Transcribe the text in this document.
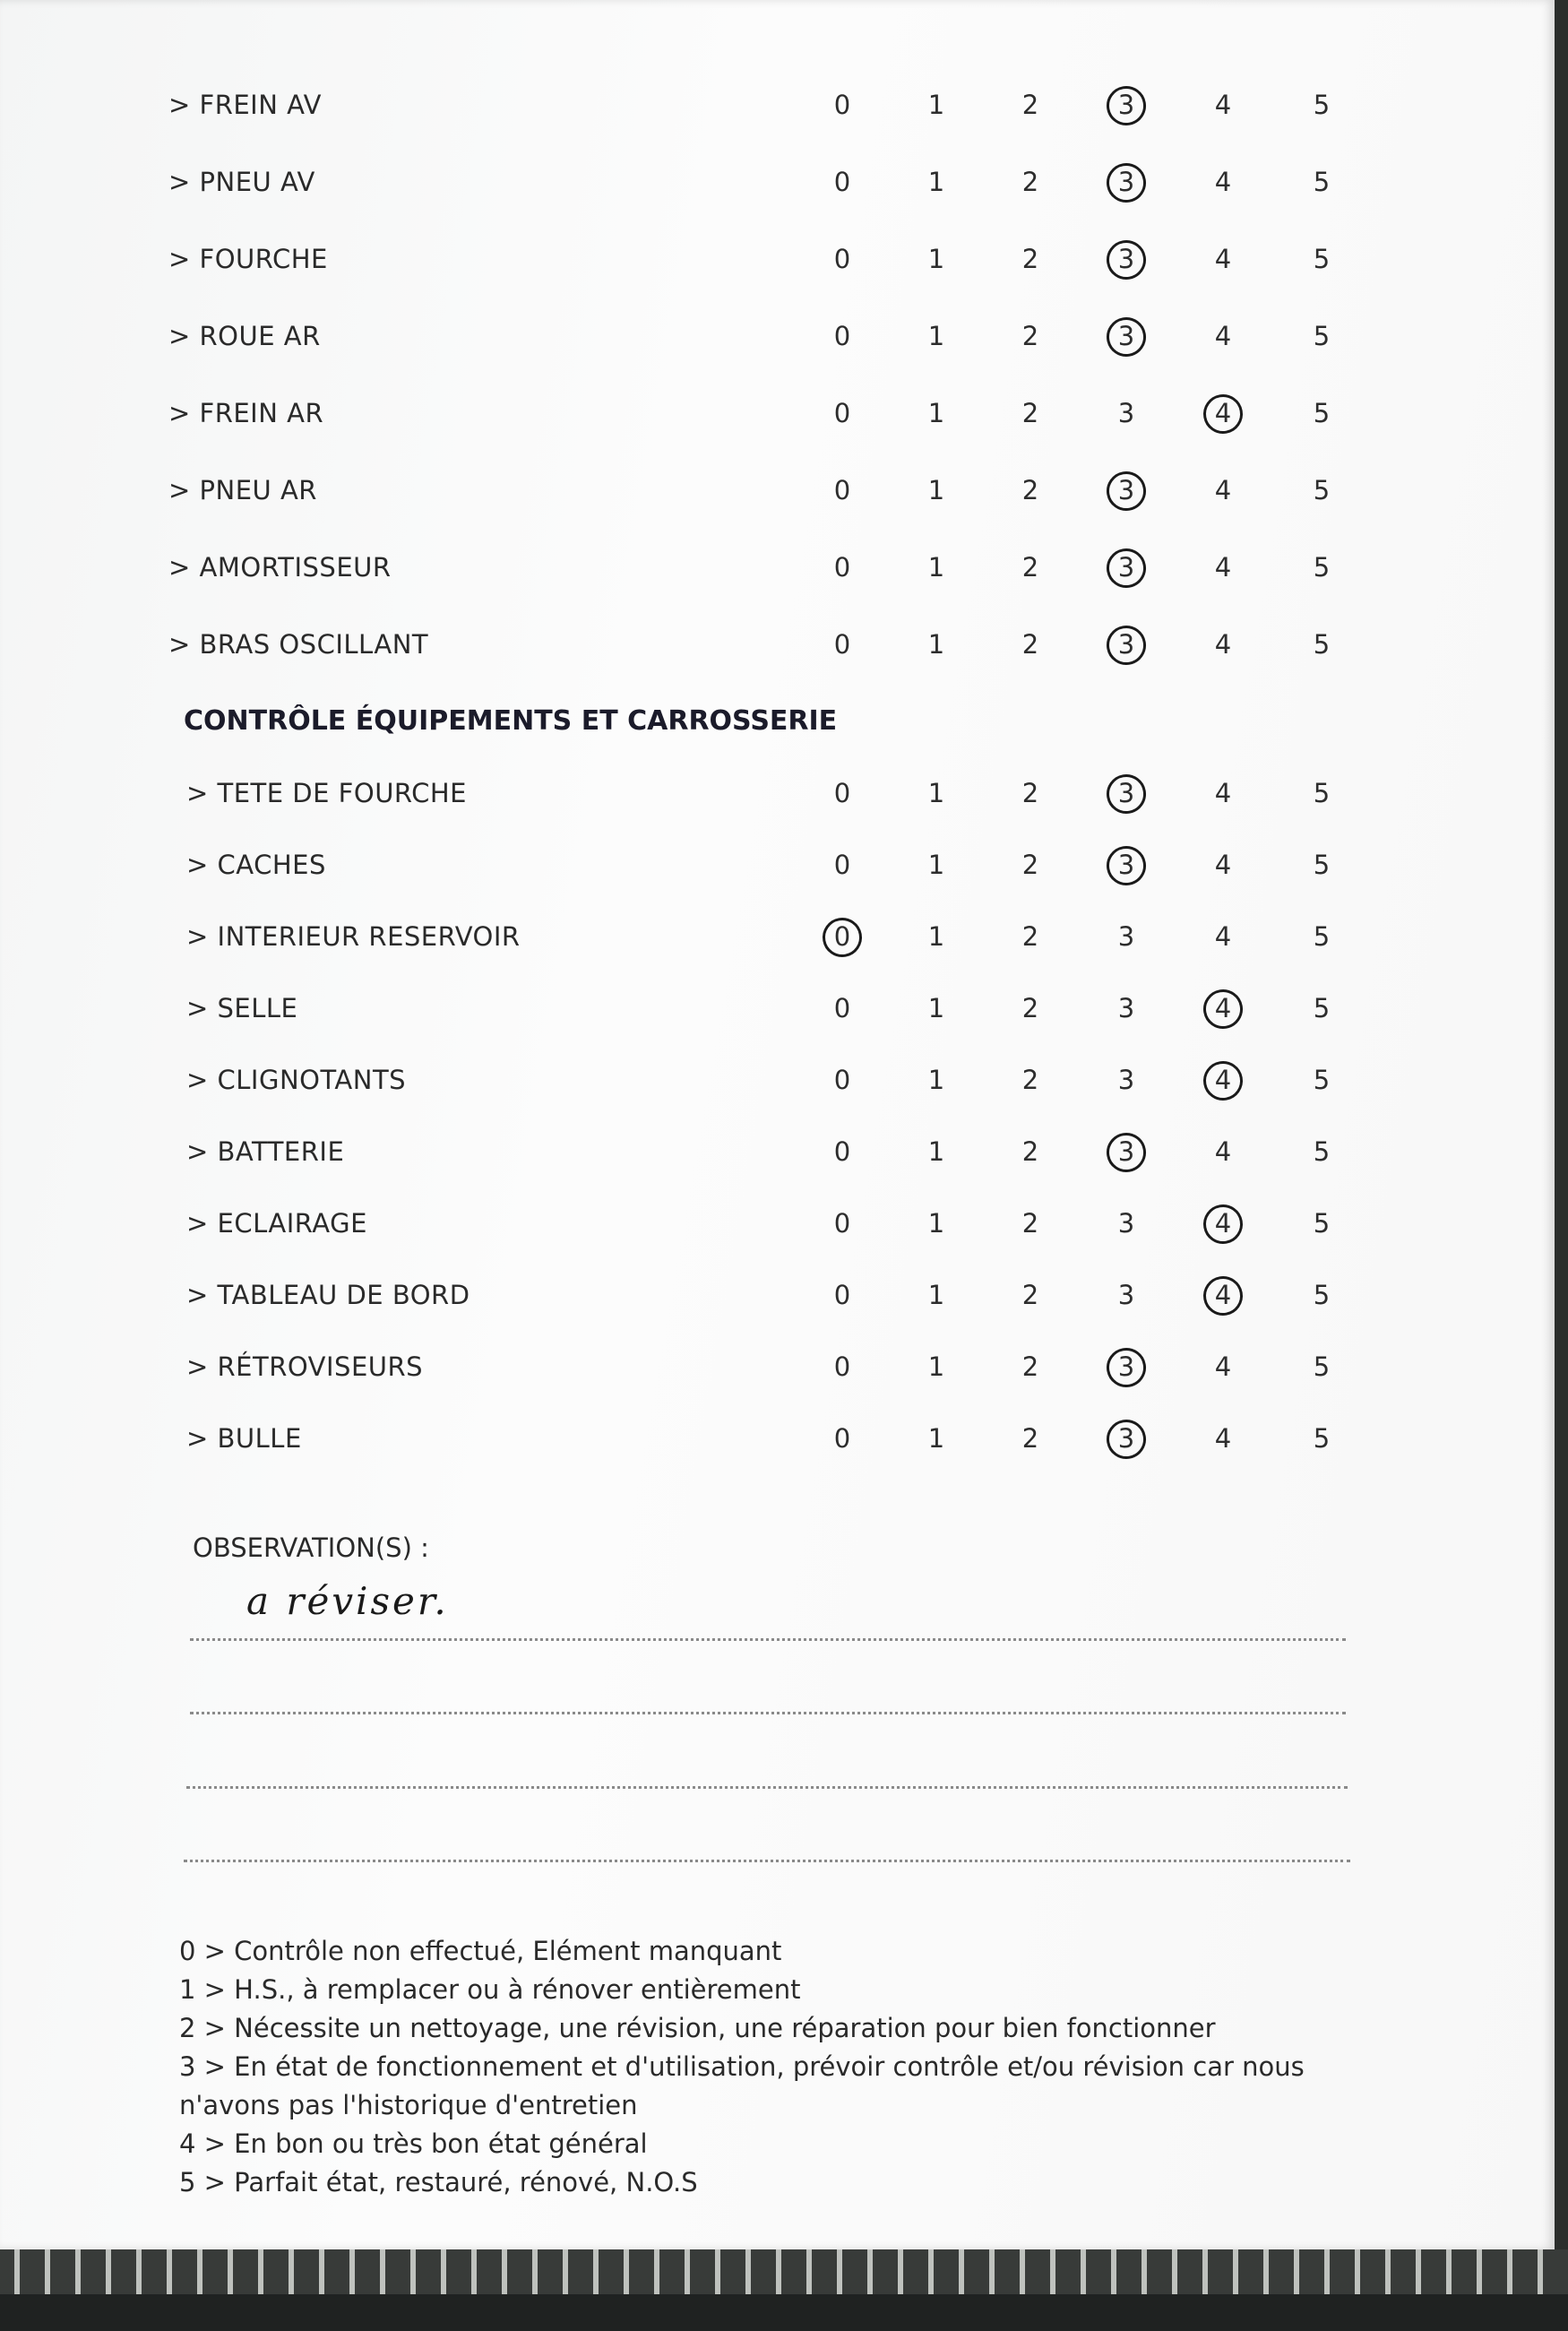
> FREIN AV	0	1	2	3	4	5
> PNEU AV	0	1	2	3	4	5
> FOURCHE	0	1	2	3	4	5
> ROUE AR	0	1	2	3	4	5
> FREIN AR	0	1	2	3	4	5
> PNEU AR	0	1	2	3	4	5
> AMORTISSEUR	0	1	2	3	4	5
> BRAS OSCILLANT	0	1	2	3	4	5
> TETE DE FOURCHE	0	1	2	3	4	5
> CACHES	0	1	2	3	4	5
> INTERIEUR RESERVOIR	0	1	2	3	4	5
> SELLE	0	1	2	3	4	5
> CLIGNOTANTS	0	1	2	3	4	5
> BATTERIE	0	1	2	3	4	5
> ECLAIRAGE	0	1	2	3	4	5
> TABLEAU DE BORD	0	1	2	3	4	5
> RÉTROVISEURS	0	1	2	3	4	5
> BULLE	0	1	2	3	4	5
CONTRÔLE ÉQUIPEMENTS ET CARROSSERIE
OBSERVATION(S) :
a réviser.
0 > Contrôle non effectué, Elément manquant
1 > H.S., à remplacer ou à rénover entièrement
2 > Nécessite un nettoyage, une révision, une réparation pour bien fonctionner
3 > En état de fonctionnement et d'utilisation, prévoir contrôle et/ou révision car nous
n'avons pas l'historique d'entretien
4 > En bon ou très bon état général
5 > Parfait état, restauré, rénové, N.O.S
